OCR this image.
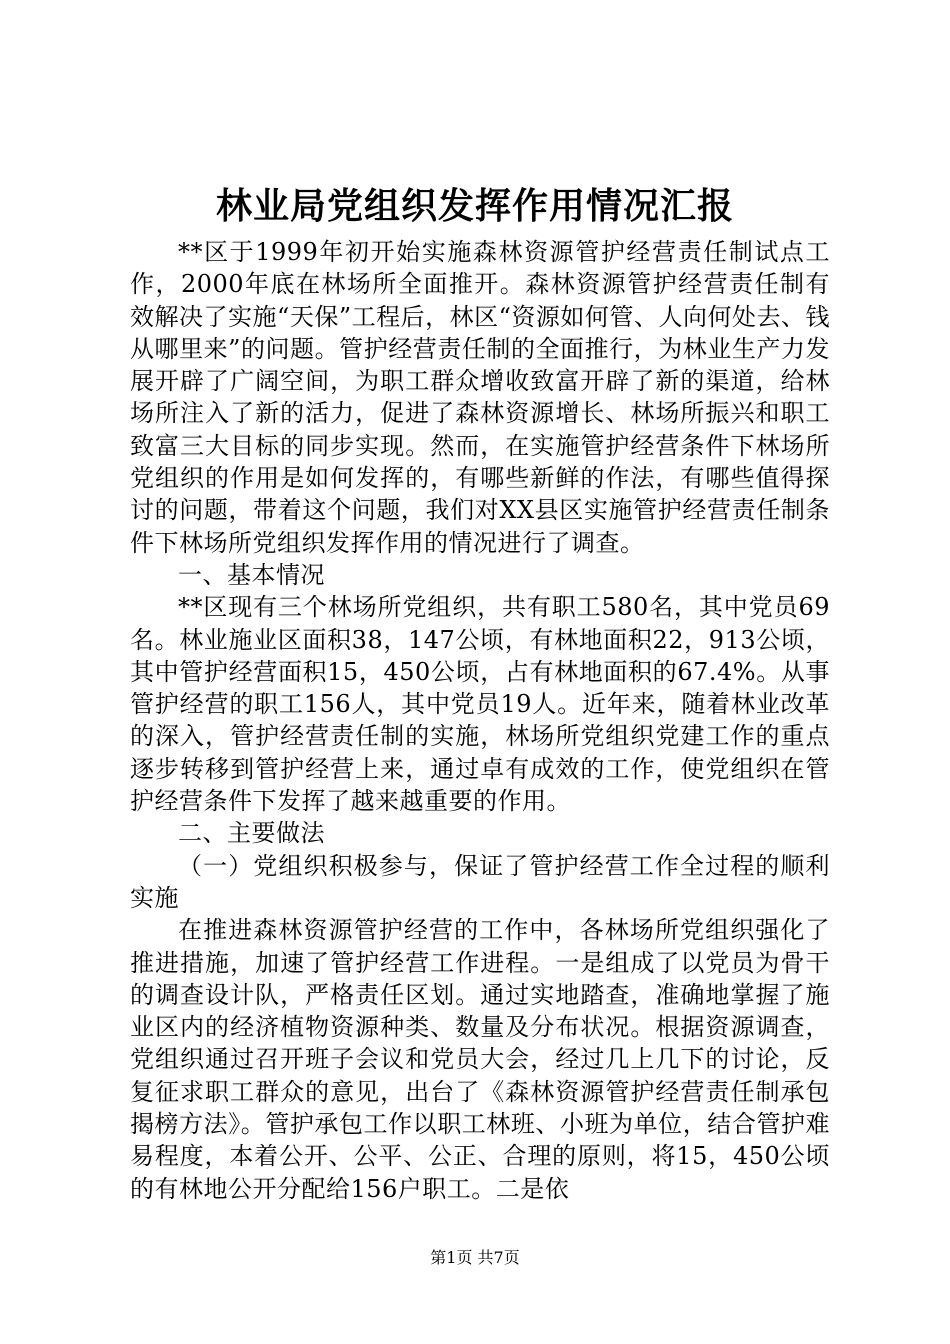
林业局党组织发挥作用情况汇报

**区于1999年初开始实施森林资源管护经营责任制试点工作，2000年底在林场所全面推开。森林资源管护经营责任制有效解决了实施“天保”工程后，林区“资源如何管、人向何处去、钱从哪里来”的问题。管护经营责任制的全面推行，为林业生产力发展开辟了广阔空间，为职工群众增收致富开辟了新的渠道，给林场所注入了新的活力，促进了森林资源增长、林场所振兴和职工致富三大目标的同步实现。然而，在实施管护经营条件下林场所党组织的作用是如何发挥的，有哪些新鲜的作法，有哪些值得探讨的问题，带着这个问题，我们对XX县区实施管护经营责任制条件下林场所党组织发挥作用的情况进行了调查。

一、基本情况

**区现有三个林场所党组织，共有职工580名，其中党员69名。林业施业区面积38，147公顷，有林地面积22，913公顷，其中管护经营面积15，450公顷，占有林地面积的67.4%。从事管护经营的职工156人，其中党员19人。近年来，随着林业改革的深入，管护经营责任制的实施，林场所党组织党建工作的重点逐步转移到管护经营上来，通过卓有成效的工作，使党组织在管护经营条件下发挥了越来越重要的作用。

二、主要做法

（一）党组织积极参与，保证了管护经营工作全过程的顺利实施

在推进森林资源管护经营的工作中，各林场所党组织强化了推进措施，加速了管护经营工作进程。一是组成了以党员为骨干的调查设计队，严格责任区划。通过实地踏查，准确地掌握了施业区内的经济植物资源种类、数量及分布状况。根据资源调查，党组织通过召开班子会议和党员大会，经过几上几下的讨论，反复征求职工群众的意见，出台了《森林资源管护经营责任制承包揭榜方法》。管护承包工作以职工林班、小班为单位，结合管护难易程度，本着公开、公平、公正、合理的原则，将15，450公顷的有林地公开分配给156户职工。二是依

第1页 共7页
